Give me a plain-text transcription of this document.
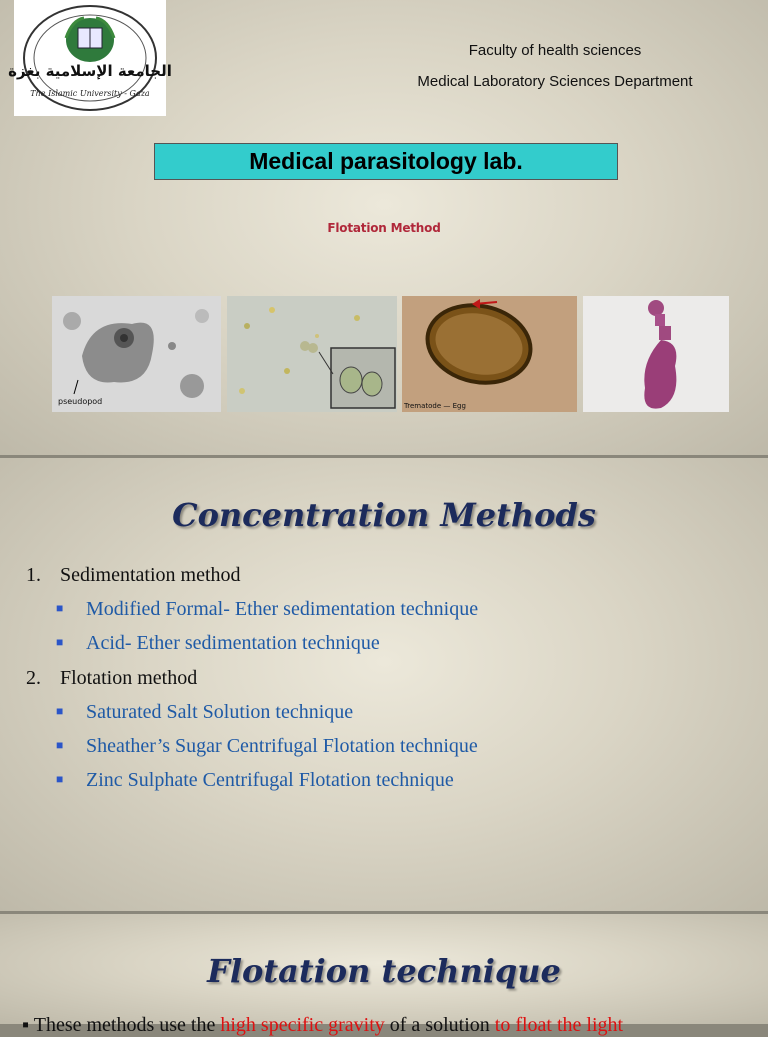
الجامعة الإسلامية بغزة
The Islamic University - Gaza
Faculty of health sciences
Medical Laboratory Sciences Department
Medical parasitology lab.
Flotation Method
pseudopod	Trematode — Egg
Concentration Methods
1. Sedimentation method
■ Modified Formal- Ether sedimentation technique
■ Acid- Ether sedimentation technique
2. Flotation method
■ Saturated Salt Solution technique
■ Sheather’s Sugar Centrifugal Flotation technique
■ Zinc Sulphate Centrifugal Flotation technique
Flotation technique
▪ These methods use the high specific gravity of a solution to float the light
